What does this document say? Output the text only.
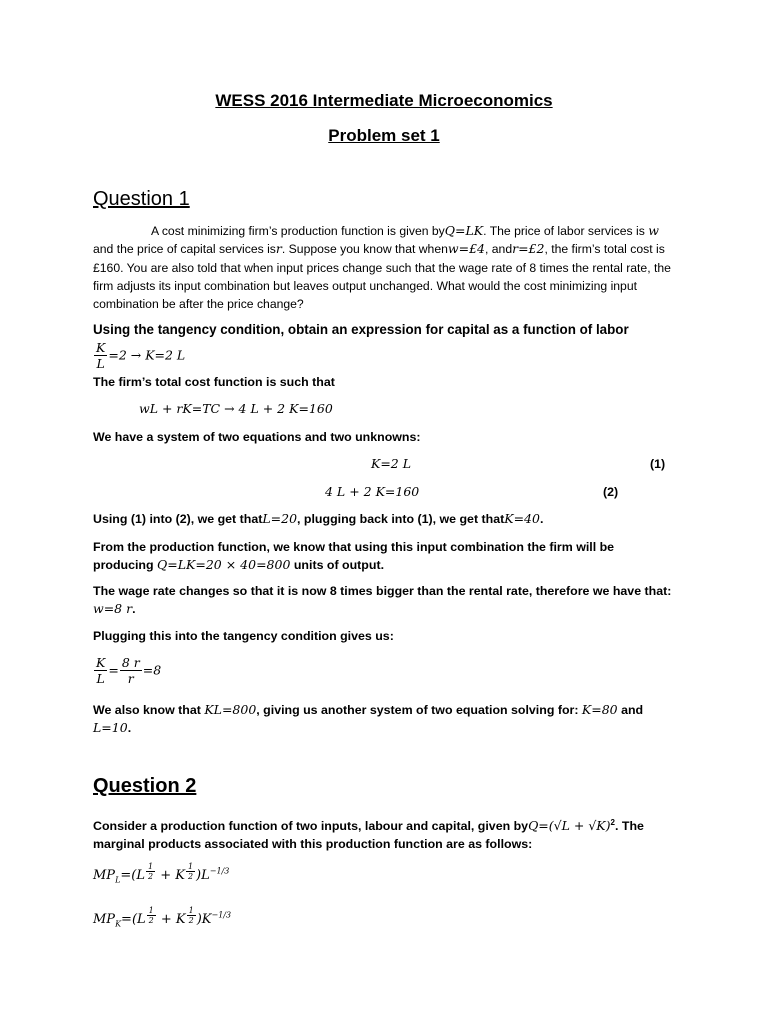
WESS 2016 Intermediate Microeconomics
Problem set 1
Question 1
A cost minimizing firm’s production function is given byQ=LK. The price of labor services is w and the price of capital services isr. Suppose you know that whenw=£4, andr=£2, the firm’s total cost is £160. You are also told that when input prices change such that the wage rate of 8 times the rental rate, the firm adjusts its input combination but leaves output unchanged. What would the cost minimizing input combination be after the price change?
Using the tangency condition, obtain an expression for capital as a function of labor
$\frac{K}{L} =2 \to K=2$ L
The firm’s total cost function is such that
wL + rK=TC → 4 L + 2 K=160
We have a system of two equations and two unknowns:
K=2 L	(1)
4 L + 2 K=160	(2)
Using (1) into (2), we get thatL=20, plugging back into (1), we get thatK=40.
From the production function, we know that using this input combination the firm will be producing Q=LK=20 × 40=800 units of output.
The wage rate changes so that it is now 8 times bigger than the rental rate, therefore we have that: w=8 r.
Plugging this into the tangency condition gives us:
$\frac{K}{L} = \frac{8 r}{r} =8$
We also know that KL=800, giving us another system of two equation solving for: K=80 and L=10.
Question 2
Consider a production function of two inputs, labour and capital, given $byQ=(√L + √K)^2$. The marginal products associated with this production function are as follows:
$MP_L=(L$ $^{\frac{1}{2}}$ + K $^{\frac{1}{2}}$ )$L^{-1/3}$
$MP_K=(L$ $^{\frac{1}{2}}$ + K $^{\frac{1}{2}}$ )$K^{-1/3}$
